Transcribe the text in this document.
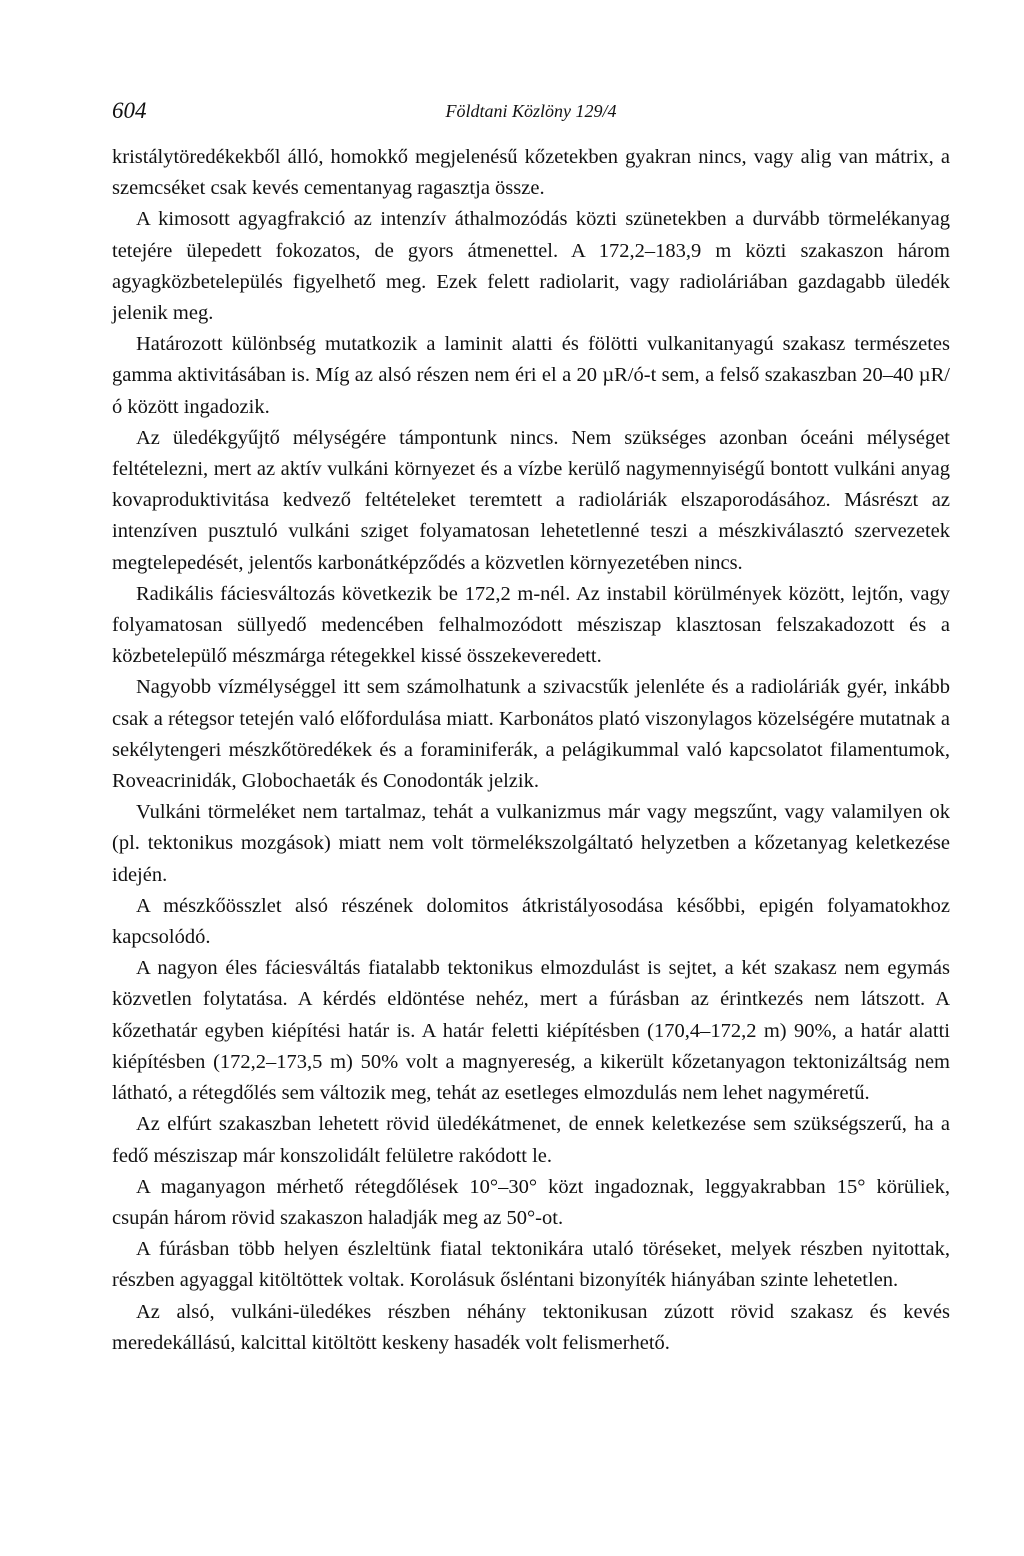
604	Földtani Közlöny 129/4

kristálytöredékekből álló, homokkő megjelenésű kőzetekben gyakran nincs, vagy alig van mátrix, a szemcséket csak kevés cementanyag ragasztja össze.

A kimosott agyagfrakció az intenzív áthalmozódás közti szünetekben a durvább törmelékanyag tetejére ülepedett fokozatos, de gyors átmenettel. A 172,2–183,9 m közti szakaszon három agyagközbetelepülés figyelhető meg. Ezek felett radiolarit, vagy radioláriában gazdagabb üledék jelenik meg.

Határozott különbség mutatkozik a laminit alatti és fölötti vulkanitanyagú szakasz természetes gamma aktivitásában is. Míg az alsó részen nem éri el a 20 µR/ó-t sem, a felső szakaszban 20–40 µR/ó között ingadozik.

Az üledékgyűjtő mélységére támpontunk nincs. Nem szükséges azonban óceáni mélységet feltételezni, mert az aktív vulkáni környezet és a vízbe kerülő nagymennyiségű bontott vulkáni anyag kovaproduktivitása kedvező feltételeket teremtett a radioláriák elszaporodásához. Másrészt az intenzíven pusztuló vulkáni sziget folyamatosan lehetetlenné teszi a mészkiválasztó szervezetek megtelepedését, jelentős karbonátképződés a közvetlen környezetében nincs.

Radikális fáciesváltozás következik be 172,2 m-nél. Az instabil körülmények között, lejtőn, vagy folyamatosan süllyedő medencében felhalmozódott mésziszap klasztosan felszakadozott és a közbetelepülő mészmárga rétegekkel kissé összekeveredett.

Nagyobb vízmélységgel itt sem számolhatunk a szivacstűk jelenléte és a radioláriák gyér, inkább csak a rétegsor tetején való előfordulása miatt. Karbonátos plató viszonylagos közelségére mutatnak a sekélytengeri mészkőtöredékek és a foraminiferák, a pelágikummal való kapcsolatot filamentumok, Roveacrinidák, Globochaeták és Conodonták jelzik.

Vulkáni törmeléket nem tartalmaz, tehát a vulkanizmus már vagy megszűnt, vagy valamilyen ok (pl. tektonikus mozgások) miatt nem volt törmelékszolgáltató helyzetben a kőzetanyag keletkezése idején.

A mészkőösszlet alsó részének dolomitos átkristályosodása későbbi, epigén folyamatokhoz kapcsolódó.

A nagyon éles fáciesváltás fiatalabb tektonikus elmozdulást is sejtet, a két szakasz nem egymás közvetlen folytatása. A kérdés eldöntése nehéz, mert a fúrásban az érintkezés nem látszott. A kőzethatár egyben kiépítési határ is. A határ feletti kiépítésben (170,4–172,2 m) 90%, a határ alatti kiépítésben (172,2–173,5 m) 50% volt a magnyereség, a kikerült kőzetanyagon tektonizáltság nem látható, a rétegdőlés sem változik meg, tehát az esetleges elmozdulás nem lehet nagyméretű.

Az elfúrt szakaszban lehetett rövid üledékátmenet, de ennek keletkezése sem szükségszerű, ha a fedő mésziszap már konszolidált felületre rakódott le.

A maganyagon mérhető rétegdőlések 10°–30° közt ingadoznak, leggyakrabban 15° körüliek, csupán három rövid szakaszon haladják meg az 50°-ot.

A fúrásban több helyen észleltünk fiatal tektonikára utaló töréseket, melyek részben nyitottak, részben agyaggal kitöltöttek voltak. Korolásuk ősléntani bizonyíték hiányában szinte lehetetlen.

Az alsó, vulkáni-üledékes részben néhány tektonikusan zúzott rövid szakasz és kevés meredekállású, kalcittal kitöltött keskeny hasadék volt felismerhető.
